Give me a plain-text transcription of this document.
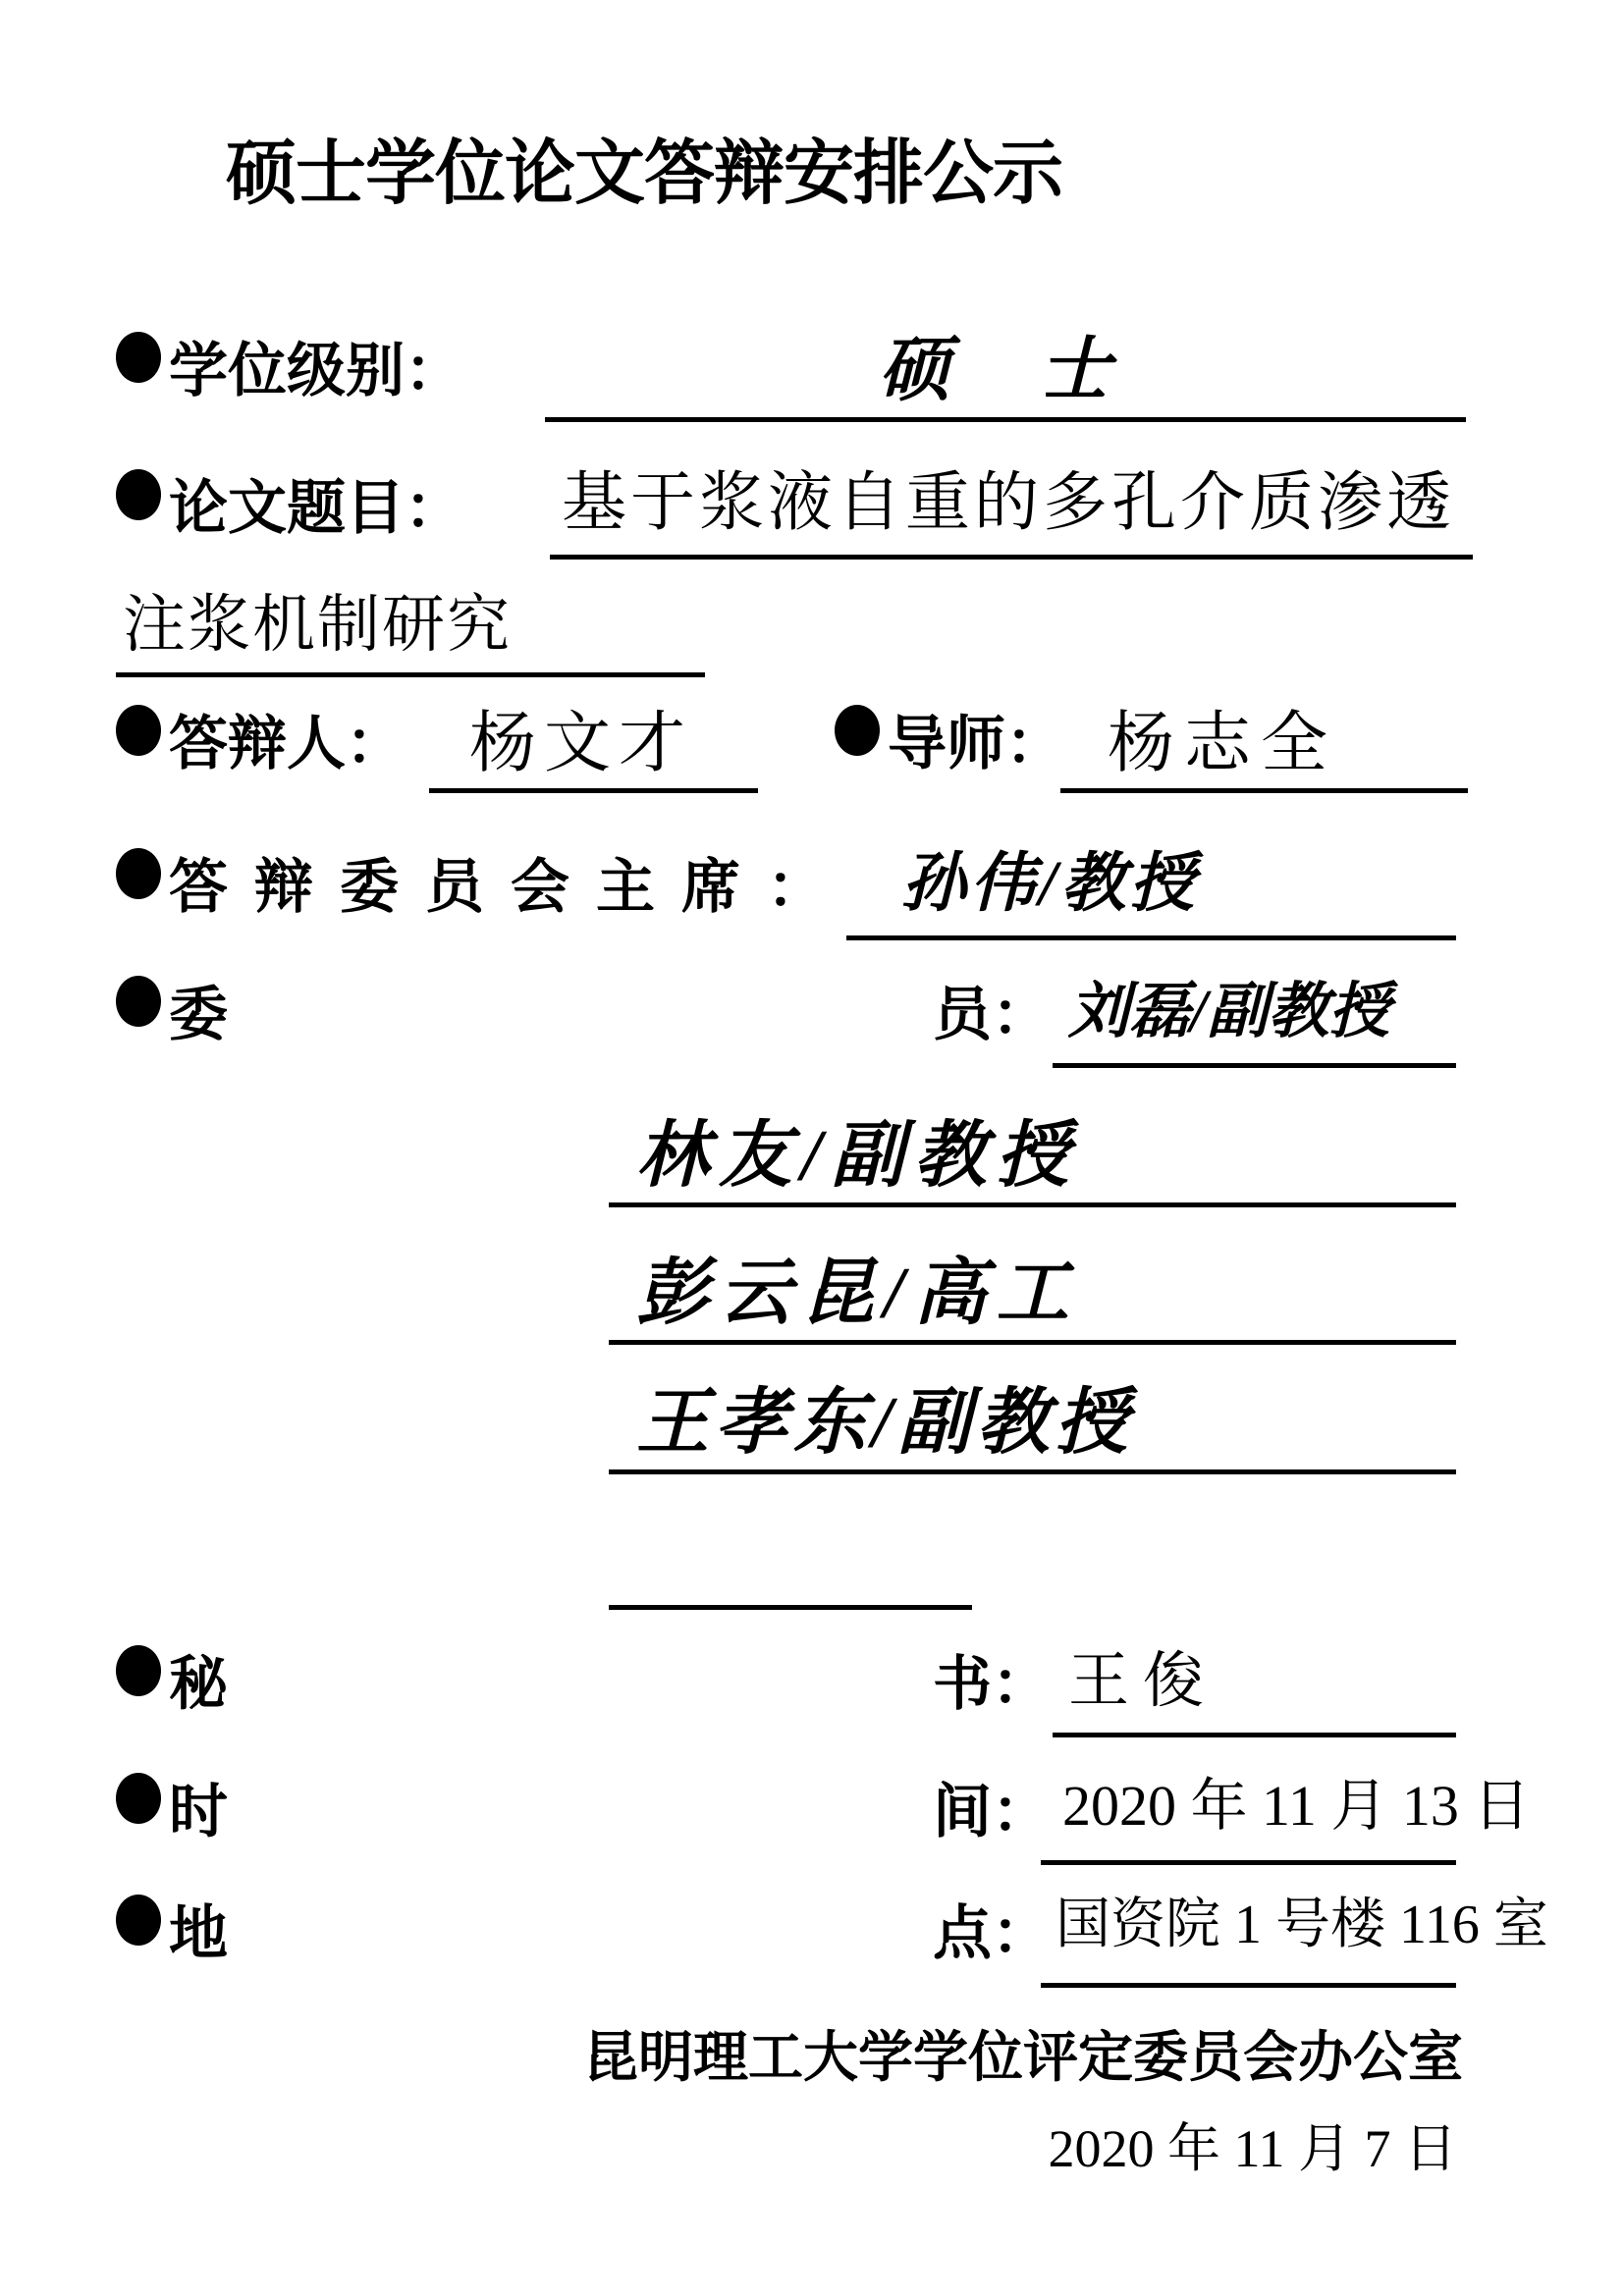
硕士学位论文答辩安排公示
学位级别：	硕　士
论文题目： 基于浆液自重的多孔介质渗透
注浆机制研究
答辩人： 杨文才	导师： 杨志全
答辩委员会主席： 孙伟/教授
委	员： 刘磊/副教授
林友/副教授
彭云昆/高工
王孝东/副教授
秘	书： 王俊
时	间： 2020 年 11 月 13 日
地	点： 国资院 1 号楼 116 室
昆明理工大学学位评定委员会办公室
2020 年 11 月 7 日
